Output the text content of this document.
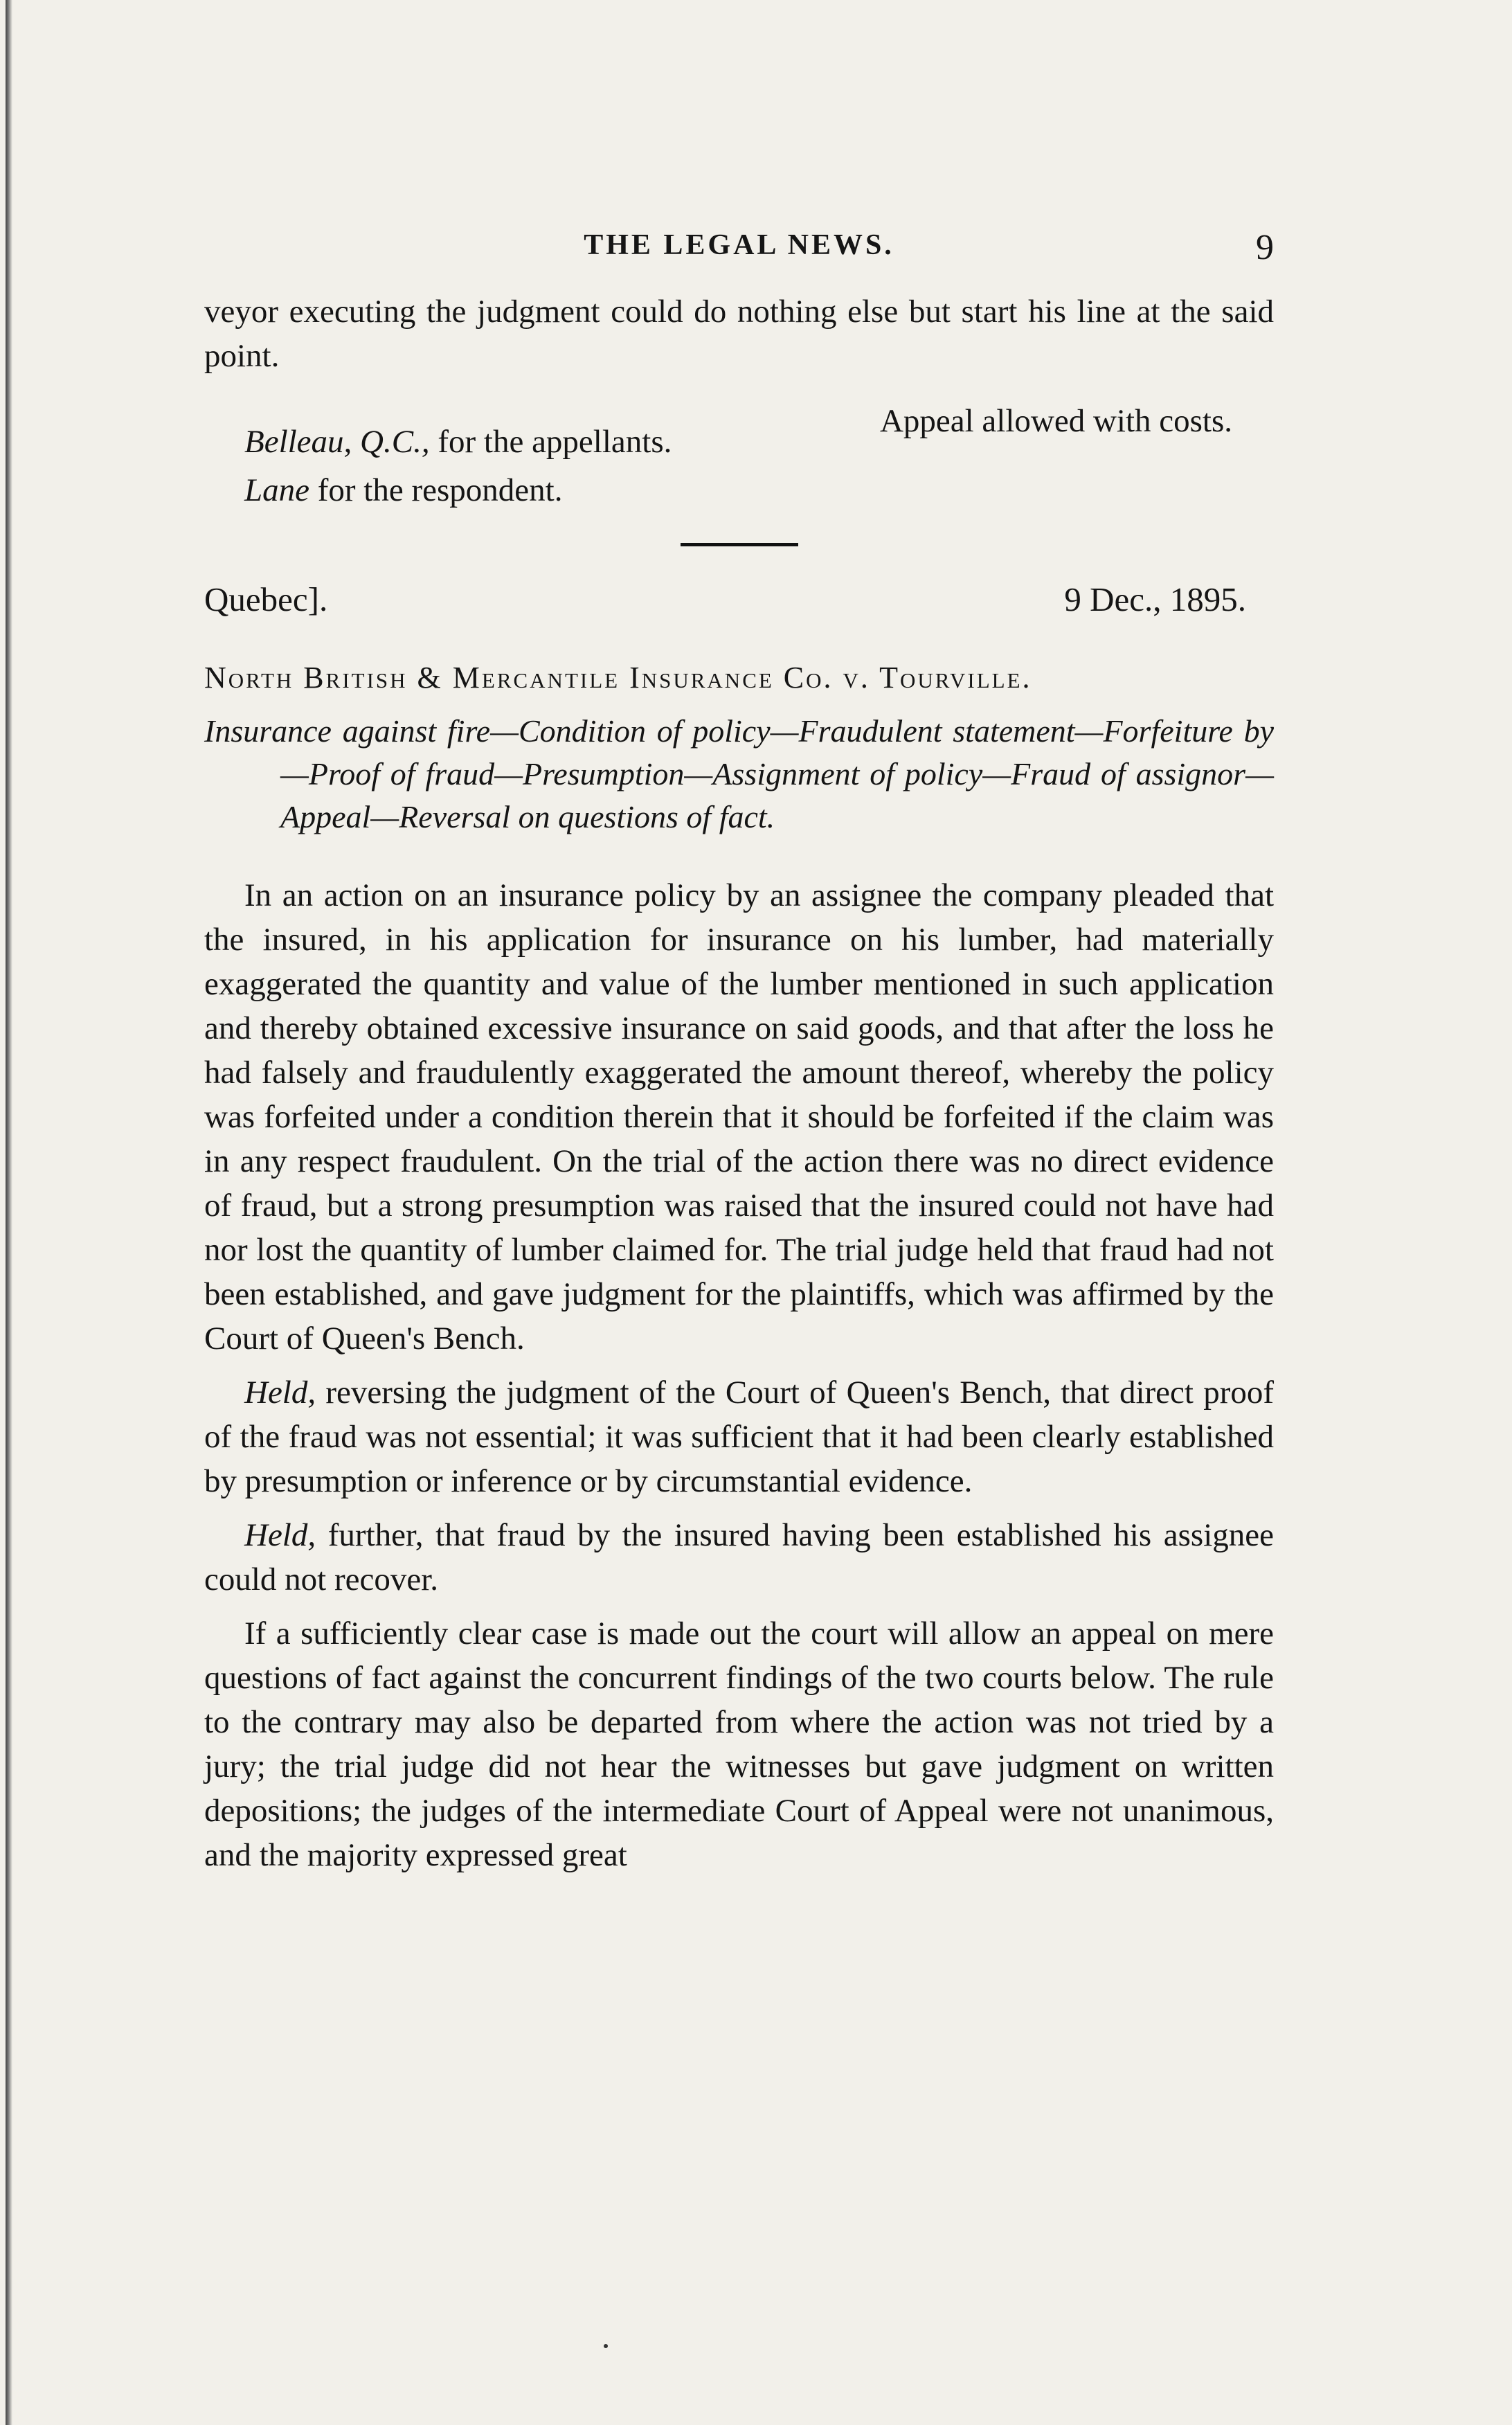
THE LEGAL NEWS.	9

veyor executing the judgment could do nothing else but start his line at the said point.

Appeal allowed with costs.
Belleau, Q.C., for the appellants.
Lane for the respondent.
Quebec].	9 Dec., 1895.
North British & Mercantile Insurance Co. v. Tourville.
Insurance against fire—Condition of policy—Fraudulent statement—Forfeiture by—Proof of fraud—Presumption—Assignment of policy—Fraud of assignor—Appeal—Reversal on questions of fact.

In an action on an insurance policy by an assignee the company pleaded that the insured, in his application for insurance on his lumber, had materially exaggerated the quantity and value of the lumber mentioned in such application and thereby obtained excessive insurance on said goods, and that after the loss he had falsely and fraudulently exaggerated the amount thereof, whereby the policy was forfeited under a condition therein that it should be forfeited if the claim was in any respect fraudulent. On the trial of the action there was no direct evidence of fraud, but a strong presumption was raised that the insured could not have had nor lost the quantity of lumber claimed for. The trial judge held that fraud had not been established, and gave judgment for the plaintiffs, which was affirmed by the Court of Queen's Bench.

Held, reversing the judgment of the Court of Queen's Bench, that direct proof of the fraud was not essential; it was sufficient that it had been clearly established by presumption or inference or by circumstantial evidence.

Held, further, that fraud by the insured having been established his assignee could not recover.

If a sufficiently clear case is made out the court will allow an appeal on mere questions of fact against the concurrent findings of the two courts below. The rule to the contrary may also be departed from where the action was not tried by a jury; the trial judge did not hear the witnesses but gave judgment on written depositions; the judges of the intermediate Court of Appeal were not unanimous, and the majority expressed great
